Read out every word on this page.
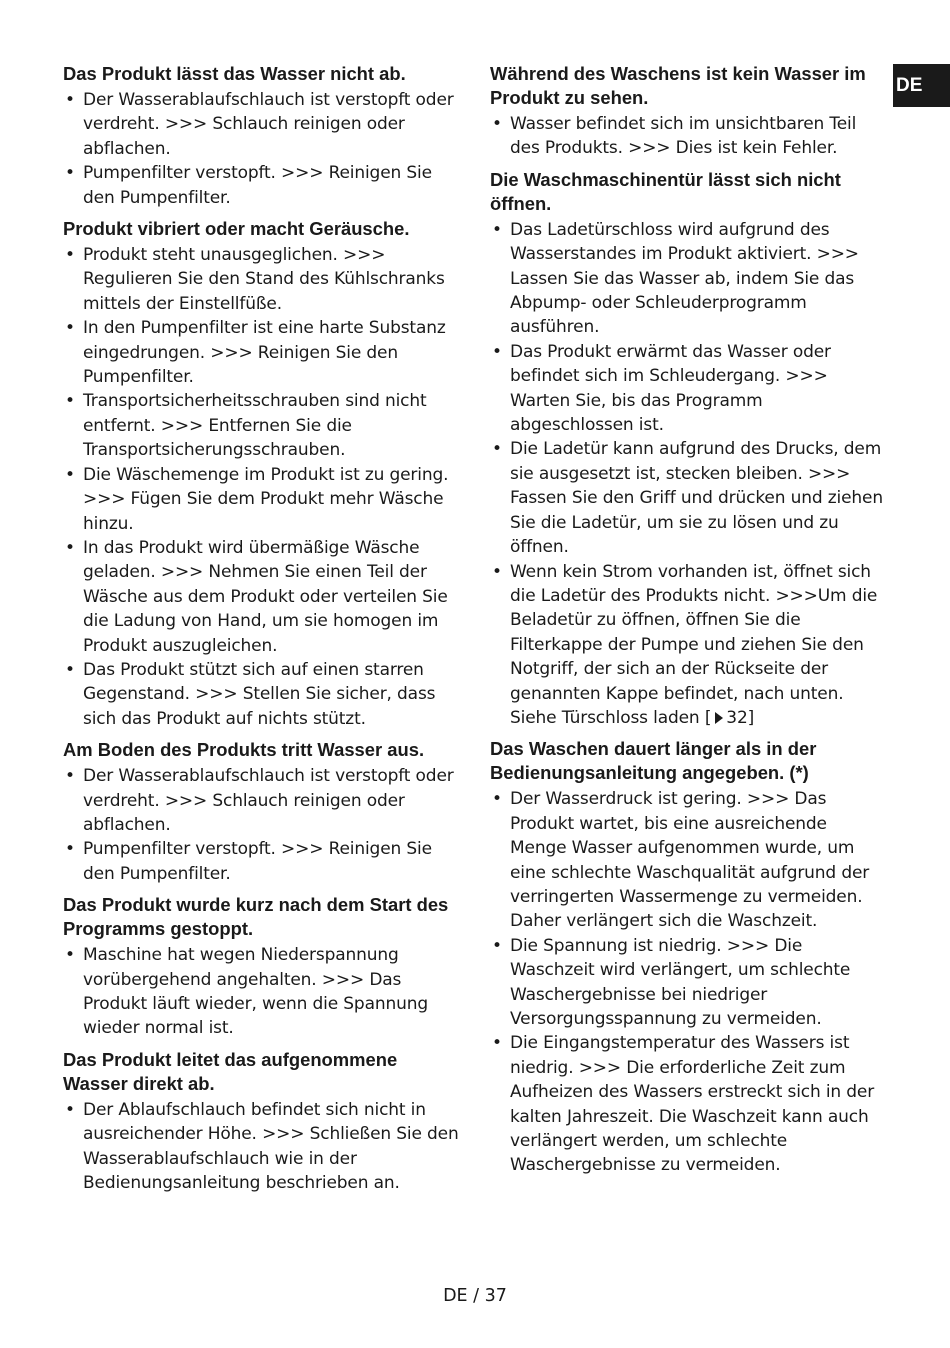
DE
Das Produkt lässt das Wasser nicht ab.
• Der Wasserablaufschlauch ist verstopft oder verdreht. >>> Schlauch reinigen oder abflachen.
• Pumpenfilter verstopft. >>> Reinigen Sie den Pumpenfilter.
Produkt vibriert oder macht Geräusche.
• Produkt steht unausgeglichen. >>> Regulieren Sie den Stand des Kühlschranks mittels der Einstellfüße.
• In den Pumpenfilter ist eine harte Substanz eingedrungen. >>> Reinigen Sie den Pumpenfilter.
• Transportsicherheitsschrauben sind nicht entfernt. >>> Entfernen Sie die Transportsicherungsschrauben.
• Die Wäschemenge im Produkt ist zu gering. >>> Fügen Sie dem Produkt mehr Wäsche hinzu.
• In das Produkt wird übermäßige Wäsche geladen. >>> Nehmen Sie einen Teil der Wäsche aus dem Produkt oder verteilen Sie die Ladung von Hand, um sie homogen im Produkt auszugleichen.
• Das Produkt stützt sich auf einen starren Gegenstand. >>> Stellen Sie sicher, dass sich das Produkt auf nichts stützt.
Am Boden des Produkts tritt Wasser aus.
• Der Wasserablaufschlauch ist verstopft oder verdreht. >>> Schlauch reinigen oder abflachen.
• Pumpenfilter verstopft. >>> Reinigen Sie den Pumpenfilter.
Das Produkt wurde kurz nach dem Start des Programms gestoppt.
• Maschine hat wegen Niederspannung vorübergehend angehalten. >>> Das Produkt läuft wieder, wenn die Spannung wieder normal ist.
Das Produkt leitet das aufgenommene Wasser direkt ab.
• Der Ablaufschlauch befindet sich nicht in ausreichender Höhe. >>> Schließen Sie den Wasserablaufschlauch wie in der Bedienungsanleitung beschrieben an.
Während des Waschens ist kein Wasser im Produkt zu sehen.
• Wasser befindet sich im unsichtbaren Teil des Produkts. >>> Dies ist kein Fehler.
Die Waschmaschinentür lässt sich nicht öffnen.
• Das Ladetürschloss wird aufgrund des Wasserstandes im Produkt aktiviert. >>> Lassen Sie das Wasser ab, indem Sie das Abpump- oder Schleuderprogramm ausführen.
• Das Produkt erwärmt das Wasser oder befindet sich im Schleudergang. >>> Warten Sie, bis das Programm abgeschlossen ist.
• Die Ladetür kann aufgrund des Drucks, dem sie ausgesetzt ist, stecken bleiben. >>> Fassen Sie den Griff und drücken und ziehen Sie die Ladetür, um sie zu lösen und zu öffnen.
• Wenn kein Strom vorhanden ist, öffnet sich die Ladetür des Produkts nicht. >>>Um die Beladetür zu öffnen, öffnen Sie die Filterkappe der Pumpe und ziehen Sie den Notgriff, der sich an der Rückseite der genannten Kappe befindet, nach unten. Siehe Türschloss laden [ 32]
Das Waschen dauert länger als in der Bedienungsanleitung angegeben. (*)
• Der Wasserdruck ist gering. >>> Das Produkt wartet, bis eine ausreichende Menge Wasser aufgenommen wurde, um eine schlechte Waschqualität aufgrund der verringerten Wassermenge zu vermeiden. Daher verlängert sich die Waschzeit.
• Die Spannung ist niedrig. >>> Die Waschzeit wird verlängert, um schlechte Waschergebnisse bei niedriger Versorgungsspannung zu vermeiden.
• Die Eingangstemperatur des Wassers ist niedrig. >>> Die erforderliche Zeit zum Aufheizen des Wassers erstreckt sich in der kalten Jahreszeit. Die Waschzeit kann auch verlängert werden, um schlechte Waschergebnisse zu vermeiden.
DE / 37
